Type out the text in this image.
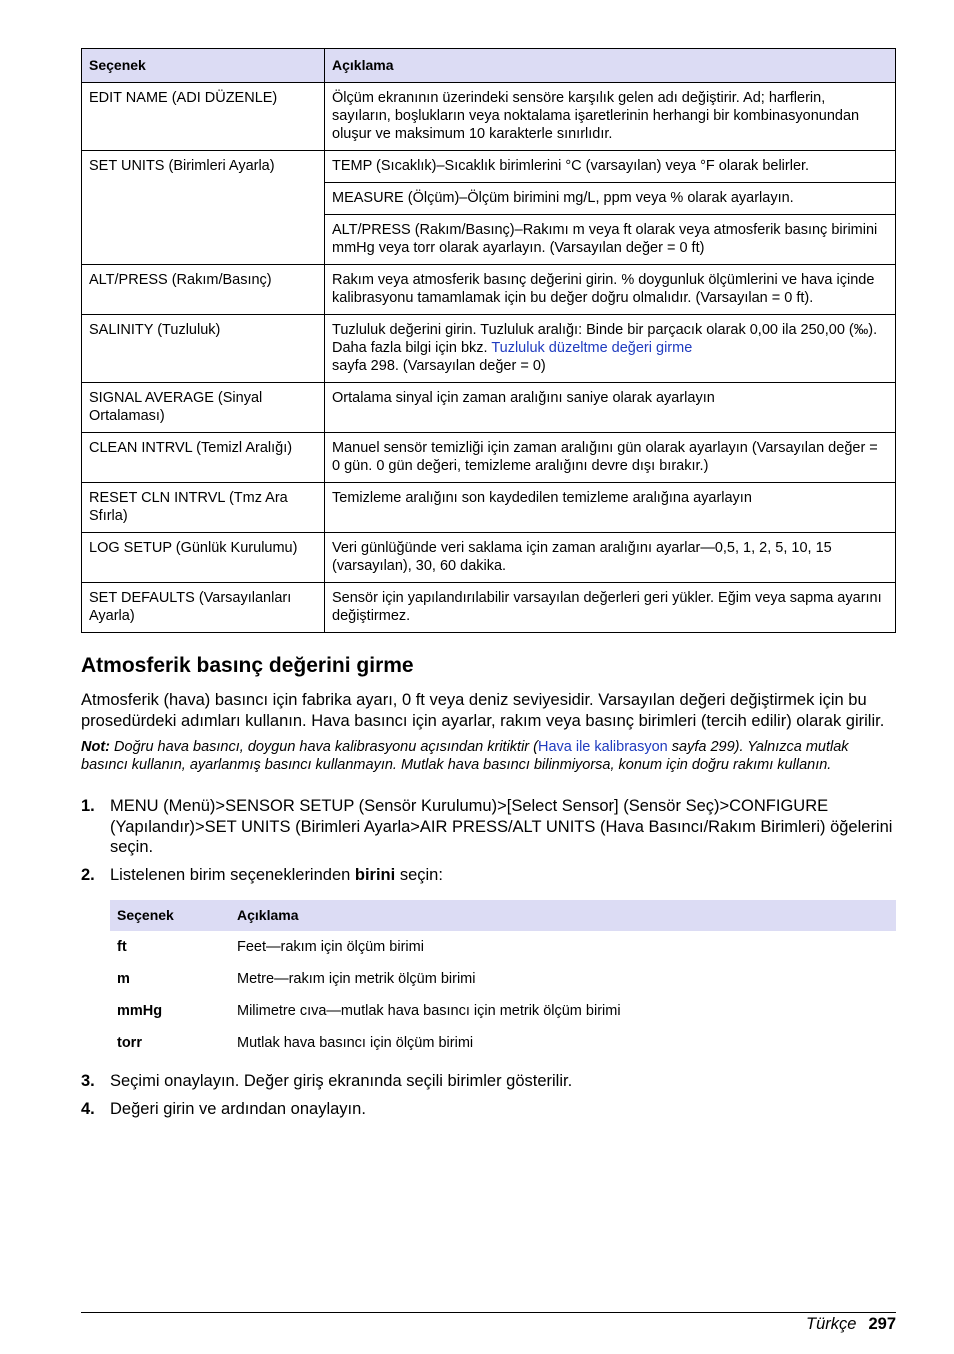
Seçenek	Açıklama
EDIT NAME (ADI DÜZENLE)	Ölçüm ekranının üzerindeki sensöre karşılık gelen adı değiştirir. Ad; harflerin, sayıların, boşlukların veya noktalama işaretlerinin herhangi bir kombinasyonundan oluşur ve maksimum 10 karakterle sınırlıdır.
SET UNITS (Birimleri Ayarla)	TEMP (Sıcaklık)–Sıcaklık birimlerini °C (varsayılan) veya °F olarak belirler.
	MEASURE (Ölçüm)–Ölçüm birimini mg/L, ppm veya % olarak ayarlayın.
	ALT/PRESS (Rakım/Basınç)–Rakımı m veya ft olarak veya atmosferik basınç birimini mmHg veya torr olarak ayarlayın. (Varsayılan değer = 0 ft)
ALT/PRESS (Rakım/Basınç)	Rakım veya atmosferik basınç değerini girin. % doygunluk ölçümlerini ve hava içinde kalibrasyonu tamamlamak için bu değer doğru olmalıdır. (Varsayılan = 0 ft).
SALINITY (Tuzluluk)	Tuzluluk değerini girin. Tuzluluk aralığı: Binde bir parçacık olarak 0,00 ila 250,00 (‰). Daha fazla bilgi için bkz. Tuzluluk düzeltme değeri girme
sayfa 298. (Varsayılan değer = 0)
SIGNAL AVERAGE (Sinyal Ortalaması)	Ortalama sinyal için zaman aralığını saniye olarak ayarlayın
CLEAN INTRVL (Temizl Aralığı)	Manuel sensör temizliği için zaman aralığını gün olarak ayarlayın (Varsayılan değer = 0 gün. 0 gün değeri, temizleme aralığını devre dışı bırakır.)
RESET CLN INTRVL (Tmz Ara Sfırla)	Temizleme aralığını son kaydedilen temizleme aralığına ayarlayın
LOG SETUP (Günlük Kurulumu)	Veri günlüğünde veri saklama için zaman aralığını ayarlar—0,5, 1, 2, 5, 10, 15 (varsayılan), 30, 60 dakika.
SET DEFAULTS (Varsayılanları Ayarla)	Sensör için yapılandırılabilir varsayılan değerleri geri yükler. Eğim veya sapma ayarını değiştirmez.
Atmosferik basınç değerini girme

Atmosferik (hava) basıncı için fabrika ayarı, 0 ft veya deniz seviyesidir. Varsayılan değeri değiştirmek için bu prosedürdeki adımları kullanın. Hava basıncı için ayarlar, rakım veya basınç birimleri (tercih edilir) olarak girilir.

Not: Doğru hava basıncı, doygun hava kalibrasyonu açısından kritiktir (Hava ile kalibrasyon sayfa 299). Yalnızca mutlak basıncı kullanın, ayarlanmış basıncı kullanmayın. Mutlak hava basıncı bilinmiyorsa, konum için doğru rakımı kullanın.

1. MENU (Menü)>SENSOR SETUP (Sensör Kurulumu)>[Select Sensor] (Sensör Seç)>CONFIGURE (Yapılandır)>SET UNITS (Birimleri Ayarla>AIR PRESS/ALT UNITS (Hava Basıncı/Rakım Birimleri) öğelerini seçin.
2. Listelenen birim seçeneklerinden birini seçin:
Seçenek	Açıklama
ft	Feet—rakım için ölçüm birimi
m	Metre—rakım için metrik ölçüm birimi
mmHg	Milimetre cıva—mutlak hava basıncı için metrik ölçüm birimi
torr	Mutlak hava basıncı için ölçüm birimi
3. Seçimi onaylayın. Değer giriş ekranında seçili birimler gösterilir.
4. Değeri girin ve ardından onaylayın.
Türkçe 297
